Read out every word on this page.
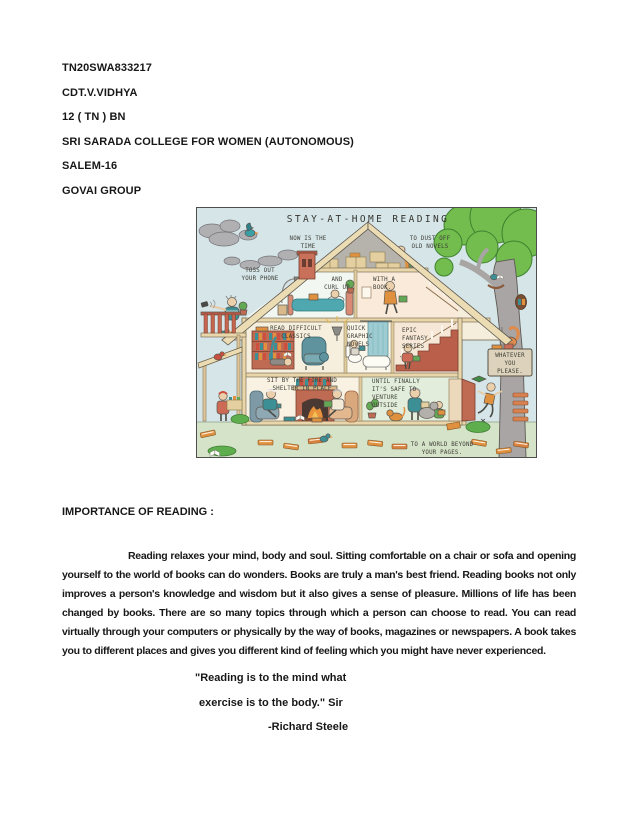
TN20SWA833217
CDT.V.VIDHYA
12 ( TN ) BN
SRI SARADA COLLEGE FOR WOMEN (AUTONOMOUS)
SALEM-16
GOVAI GROUP
STAY-AT-HOME READING
NOW IS THE
TIME
TO DUST OFF
OLD NOVELS
TOSS OUT
YOUR PHONE	AND
CURL UP
WITH A
BOOK.
READ DIFFICULT
CLASSICS
QUICK
GRAPHIC
NOVELS
EPIC
FANTASY
SERIES
SIT BY THE FIRE AND
SHELTER IN PLACE
UNTIL FINALLY
IT'S SAFE TO
VENTURE
OUTSIDE
WHATEVER
YOU
PLEASE.
TO A WORLD BEYOND
YOUR PAGES.
IMPORTANCE OF READING :

Reading relaxes your mind, body and soul. Sitting comfortable on a chair or sofa and opening yourself to the world of books can do wonders. Books are truly a man's best friend. Reading books not only improves a person's knowledge and wisdom but it also gives a sense of pleasure. Millions of life has been changed by books. There are so many topics through which a person can choose to read. You can read virtually through your computers or physically by the way of books, magazines or newspapers. A book takes you to different places and gives you different kind of feeling which you might have never experienced.

"Reading is to the mind what
exercise is to the body." Sir
-Richard Steele
